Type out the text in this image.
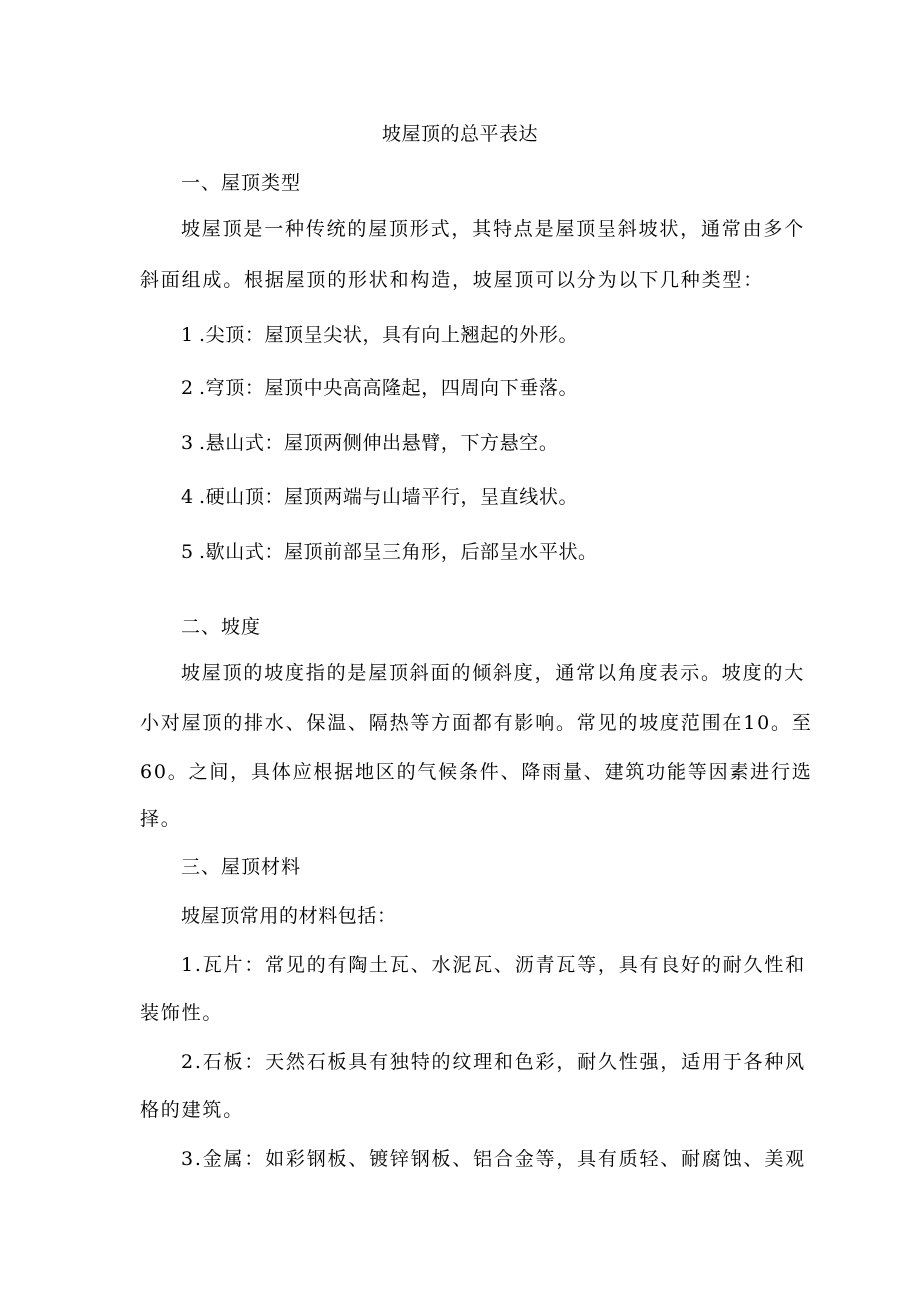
坡屋顶的总平表达
一、屋顶类型
坡屋顶是一种传统的屋顶形式，其特点是屋顶呈斜坡状，通常由多个
斜面组成。根据屋顶的形状和构造，坡屋顶可以分为以下几种类型：
1 .尖顶：屋顶呈尖状，具有向上翘起的外形。
2 .穹顶：屋顶中央高高隆起，四周向下垂落。
3 .悬山式：屋顶两侧伸出悬臂，下方悬空。
4 .硬山顶：屋顶两端与山墙平行，呈直线状。
5 .歇山式：屋顶前部呈三角形，后部呈水平状。
二、坡度
坡屋顶的坡度指的是屋顶斜面的倾斜度，通常以角度表示。坡度的大
小对屋顶的排水、保温、隔热等方面都有影响。常见的坡度范围在10。至
60。之间，具体应根据地区的气候条件、降雨量、建筑功能等因素进行选
择。
三、屋顶材料
坡屋顶常用的材料包括：
1.瓦片：常见的有陶土瓦、水泥瓦、沥青瓦等，具有良好的耐久性和
装饰性。
2.石板：天然石板具有独特的纹理和色彩，耐久性强，适用于各种风
格的建筑。
3.金属：如彩钢板、镀锌钢板、铝合金等，具有质轻、耐腐蚀、美观
